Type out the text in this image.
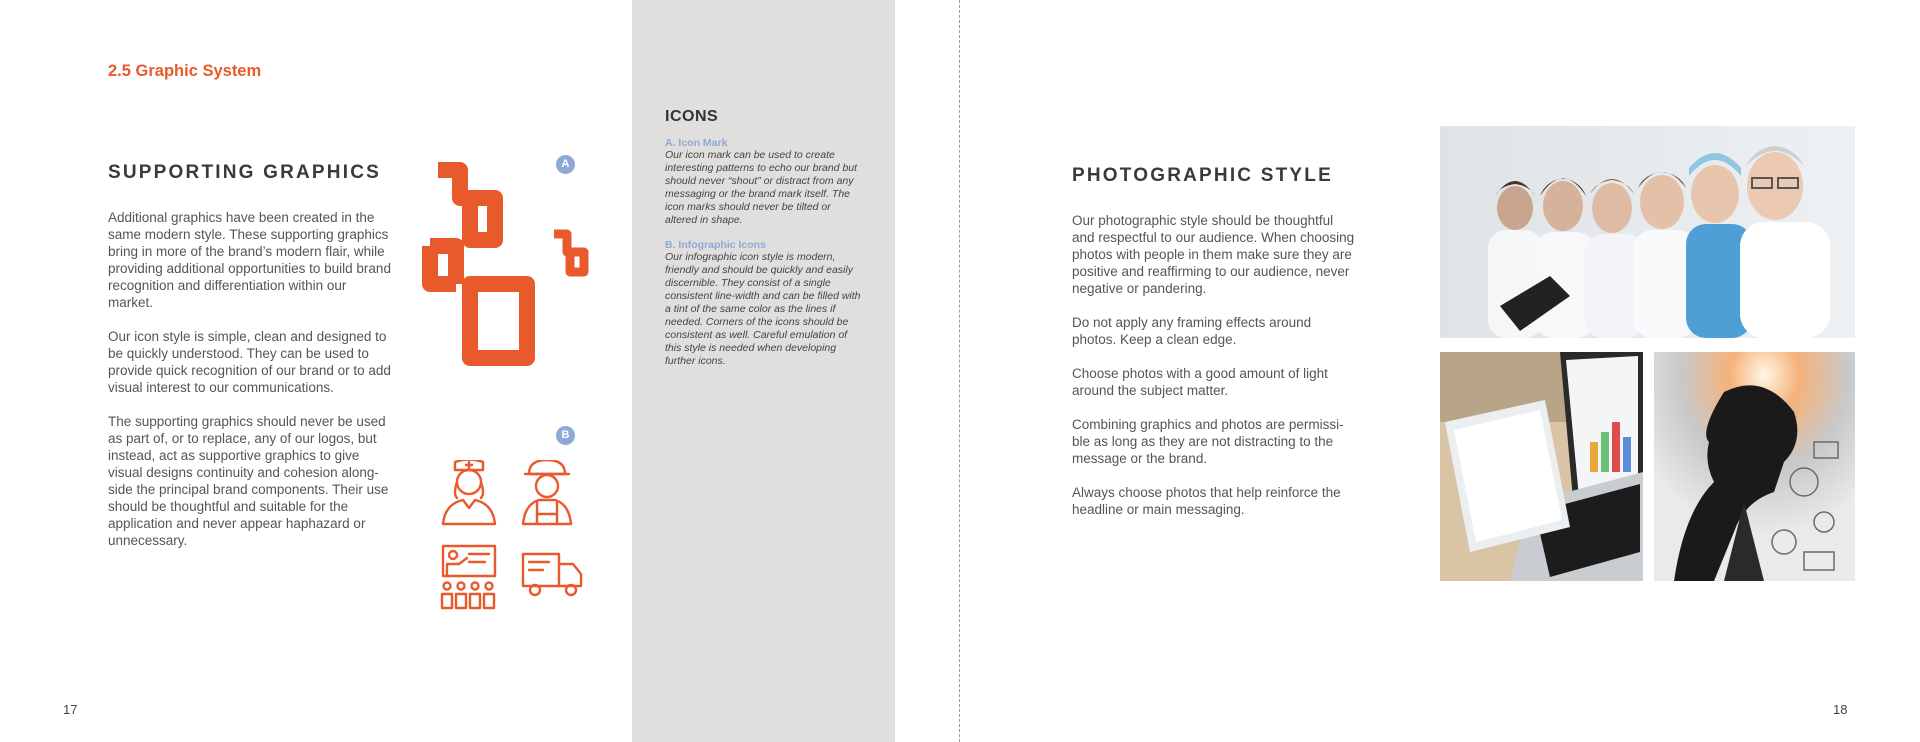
2.5 Graphic System
SUPPORTING GRAPHICS

Additional graphics have been created in the same modern style. These supporting graphics bring in more of the brand’s modern flair, while providing additional opportunities to build brand recognition and differentiation within our market.

Our icon style is simple, clean and designed to be quickly understood. They can be used to provide quick recognition of our brand or to add visual interest to our communications.

The supporting graphics should never be used as part of, or to replace, any of our logos, but instead, act as supportive graphics to give visual designs continuity and cohesion along-side the principal brand components. Their use should be thoughtful and suitable for the application and never appear haphazard or unnecessary.

A
B
ICONS

A. Icon Mark

Our icon mark can be used to create interesting patterns to echo our brand but should never “shout” or distract from any messaging or the brand mark itself. The icon marks should never be tilted or altered in shape.

B. Infographic Icons

Our infographic icon style is modern, friendly and should be quickly and easily discernible. They consist of a single consistent line-width and can be filled with a tint of the same color as the lines if needed. Corners of the icons should be consistent as well. Careful emulation of this style is needed when developing further icons.

17
PHOTOGRAPHIC STYLE

Our photographic style should be thoughtful and respectful to our audience. When choosing photos with people in them make sure they are positive and reaffirming to our audience, never negative or pandering.

Do not apply any framing effects around photos. Keep a clean edge.

Choose photos with a good amount of light around the subject matter.

Combining graphics and photos are permissi-ble as long as they are not distracting to the message or the brand.

Always choose photos that help reinforce the headline or main messaging.

18
